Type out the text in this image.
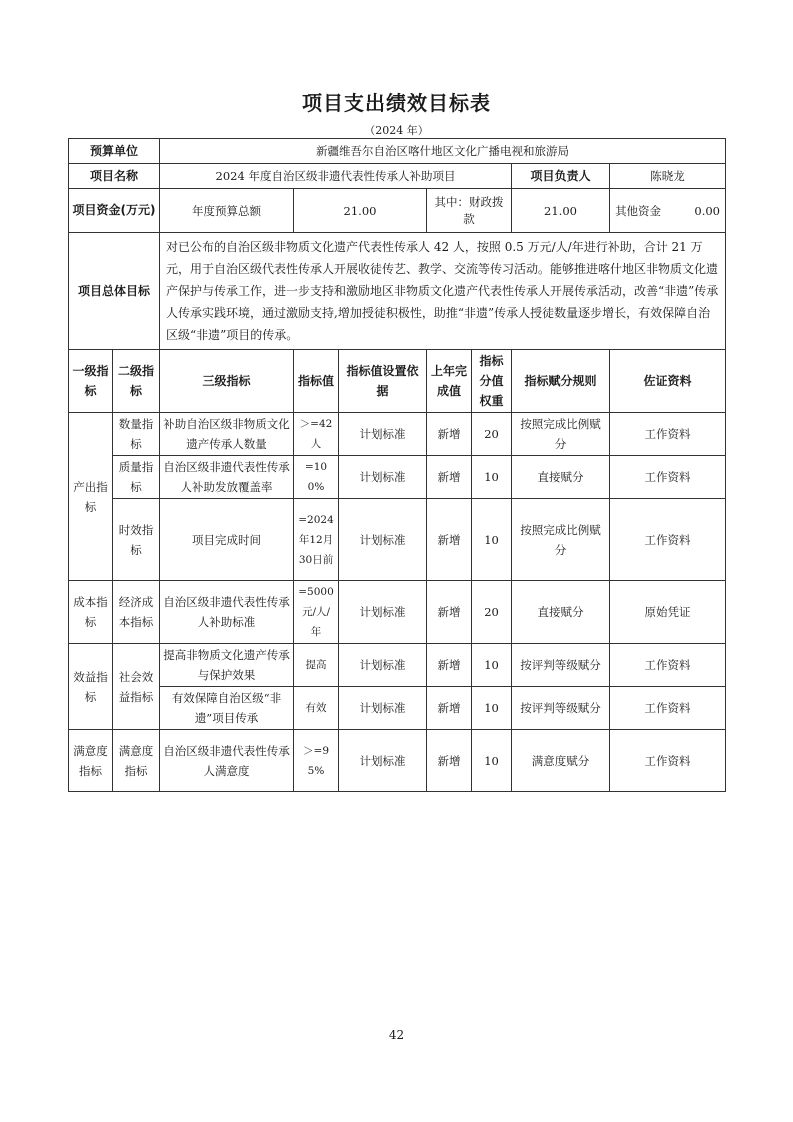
项目支出绩效目标表
（2024 年）
预算单位		新疆维吾尔自治区喀什地区文化广播电视和旅游局						
项目名称		2024 年度自治区级非遗代表性传承人补助项目					项目负责人	陈晓龙
项目资金(万元)		年度预算总额	21.00		其中：财政拨款		21.00	其他资金 0.00
项目总体目标		对已公布的自治区级非物质文化遗产代表性传承人 42 人，按照 0.5 万元/人/年进行补助，合计 21 万元，用于自治区级代表性传承人开展收徒传艺、教学、交流等传习活动。能够推进喀什地区非物质文化遗产保护与传承工作，进一步支持和激励地区非物质文化遗产代表性传承人开展传承活动，改善“非遗”传承人传承实践环境，通过激励支持,增加授徒积极性，助推“非遗”传承人授徒数量逐步增长，有效保障自治区级“非遗”项目的传承。						
一级指标	二级指标	三级指标	指标值	指标值设置依据	上年完成值	指标分值权重	指标赋分规则	佐证资料
产出指标	数量指标	补助自治区级非物质文化遗产传承人数量	＞=42人	计划标准	新增	20	按照完成比例赋分	工作资料
	质量指标	自治区级非遗代表性传承人补助发放覆盖率	=100%	计划标准	新增	10	直接赋分	工作资料
	时效指标	项目完成时间	=2024年12月30日前	计划标准	新增	10	按照完成比例赋分	工作资料
成本指标	经济成本指标	自治区级非遗代表性传承人补助标准	=5000元/人/年	计划标准	新增	20	直接赋分	原始凭证
效益指标	社会效益指标	提高非物质文化遗产传承与保护效果	提高	计划标准	新增	10	按评判等级赋分	工作资料
		有效保障自治区级“非遗”项目传承	有效	计划标准	新增	10	按评判等级赋分	工作资料
满意度指标	满意度指标	自治区级非遗代表性传承人满意度	＞=95%	计划标准	新增	10	满意度赋分	工作资料
42
